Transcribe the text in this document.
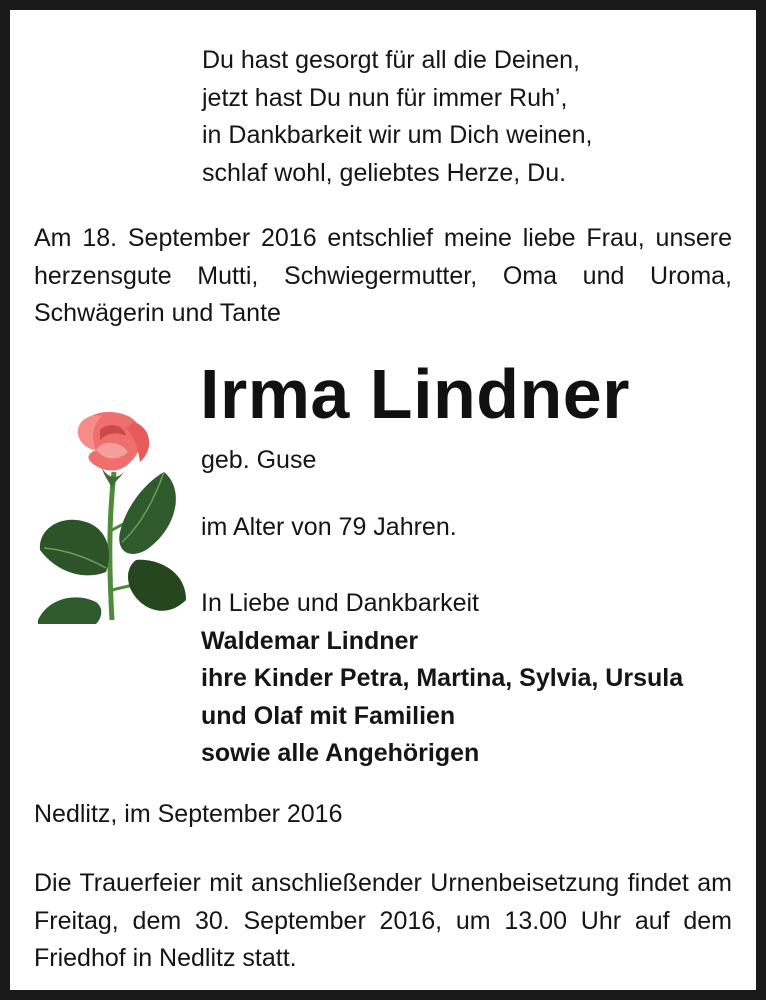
Du hast gesorgt für all die Deinen,
jetzt hast Du nun für immer Ruh’,
in Dankbarkeit wir um Dich weinen,
schlaf wohl, geliebtes Herze, Du.
Am 18. September 2016 entschlief meine liebe Frau, unsere herzensgute Mutti, Schwiegermutter, Oma und Uroma, Schwägerin und Tante
Irma Lindner
geb. Guse
im Alter von 79 Jahren.
In Liebe und Dankbarkeit
Waldemar Lindner
ihre Kinder Petra, Martina, Sylvia, Ursula
und Olaf mit Familien
sowie alle Angehörigen
Nedlitz, im September 2016
Die Trauerfeier mit anschließender Urnenbeisetzung findet am Freitag, dem 30. September 2016, um 13.00 Uhr auf dem Friedhof in Nedlitz statt.
